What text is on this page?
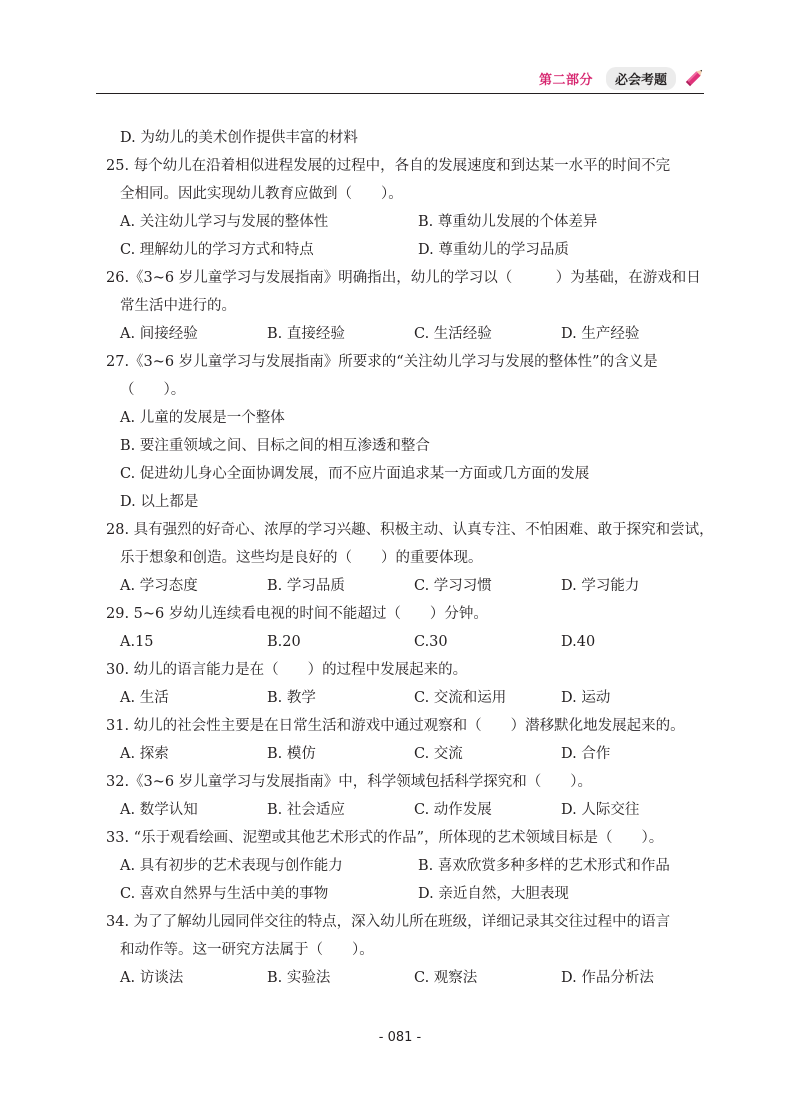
第二部分	必会考题
D. 为幼儿的美术创作提供丰富的材料
25. 每个幼儿在沿着相似进程发展的过程中，各自的发展速度和到达某一水平的时间不完
全相同。因此实现幼儿教育应做到（　　）。
A. 关注幼儿学习与发展的整体性	B. 尊重幼儿发展的个体差异
C. 理解幼儿的学习方式和特点	D. 尊重幼儿的学习品质
26.《3~6 岁儿童学习与发展指南》明确指出，幼儿的学习以（　　　）为基础，在游戏和日
常生活中进行的。
A. 间接经验	B. 直接经验	C. 生活经验	D. 生产经验
27.《3~6 岁儿童学习与发展指南》所要求的“关注幼儿学习与发展的整体性”的含义是
（　　）。
A. 儿童的发展是一个整体
B. 要注重领域之间、目标之间的相互渗透和整合
C. 促进幼儿身心全面协调发展，而不应片面追求某一方面或几方面的发展
D. 以上都是
28. 具有强烈的好奇心、浓厚的学习兴趣、积极主动、认真专注、不怕困难、敢于探究和尝试，
乐于想象和创造。这些均是良好的（　　）的重要体现。
A. 学习态度	B. 学习品质	C. 学习习惯	D. 学习能力
29. 5~6 岁幼儿连续看电视的时间不能超过（　　）分钟。
A.15	B.20	C.30	D.40
30. 幼儿的语言能力是在（　　）的过程中发展起来的。
A. 生活	B. 教学	C. 交流和运用	D. 运动
31. 幼儿的社会性主要是在日常生活和游戏中通过观察和（　　）潜移默化地发展起来的。
A. 探索	B. 模仿	C. 交流	D. 合作
32.《3~6 岁儿童学习与发展指南》中，科学领域包括科学探究和（　　）。
A. 数学认知	B. 社会适应	C. 动作发展	D. 人际交往
33. “乐于观看绘画、泥塑或其他艺术形式的作品”，所体现的艺术领域目标是（　　）。
A. 具有初步的艺术表现与创作能力	B. 喜欢欣赏多种多样的艺术形式和作品
C. 喜欢自然界与生活中美的事物	D. 亲近自然，大胆表现
34. 为了了解幼儿园同伴交往的特点，深入幼儿所在班级，详细记录其交往过程中的语言
和动作等。这一研究方法属于（　　）。
A. 访谈法	B. 实验法	C. 观察法	D. 作品分析法
- 081 -
